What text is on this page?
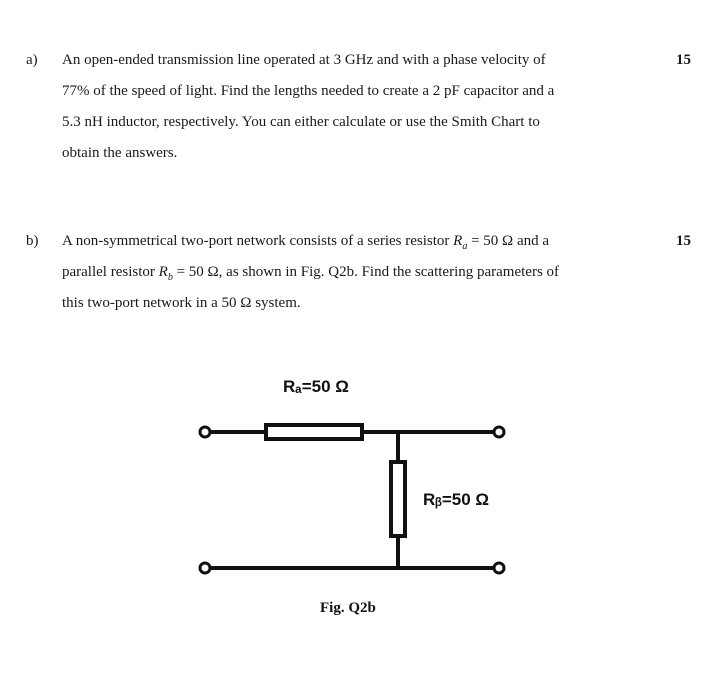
a)	15
An open-ended transmission line operated at 3 GHz and with a phase velocity of
77% of the speed of light. Find the lengths needed to create a 2 pF capacitor and a
5.3 nH inductor, respectively. You can either calculate or use the Smith Chart to
obtain the answers.
b)	15
A non-symmetrical two-port network consists of a series resistor $R_a = 50$ Ω and a
parallel resistor $R_b = 50$ Ω, as shown in Fig. Q2b. Find the scattering parameters of
this two-port network in a 50 Ω system.
Rₐ=50 Ω
Rᵦ=50 Ω
Fig. Q2b
